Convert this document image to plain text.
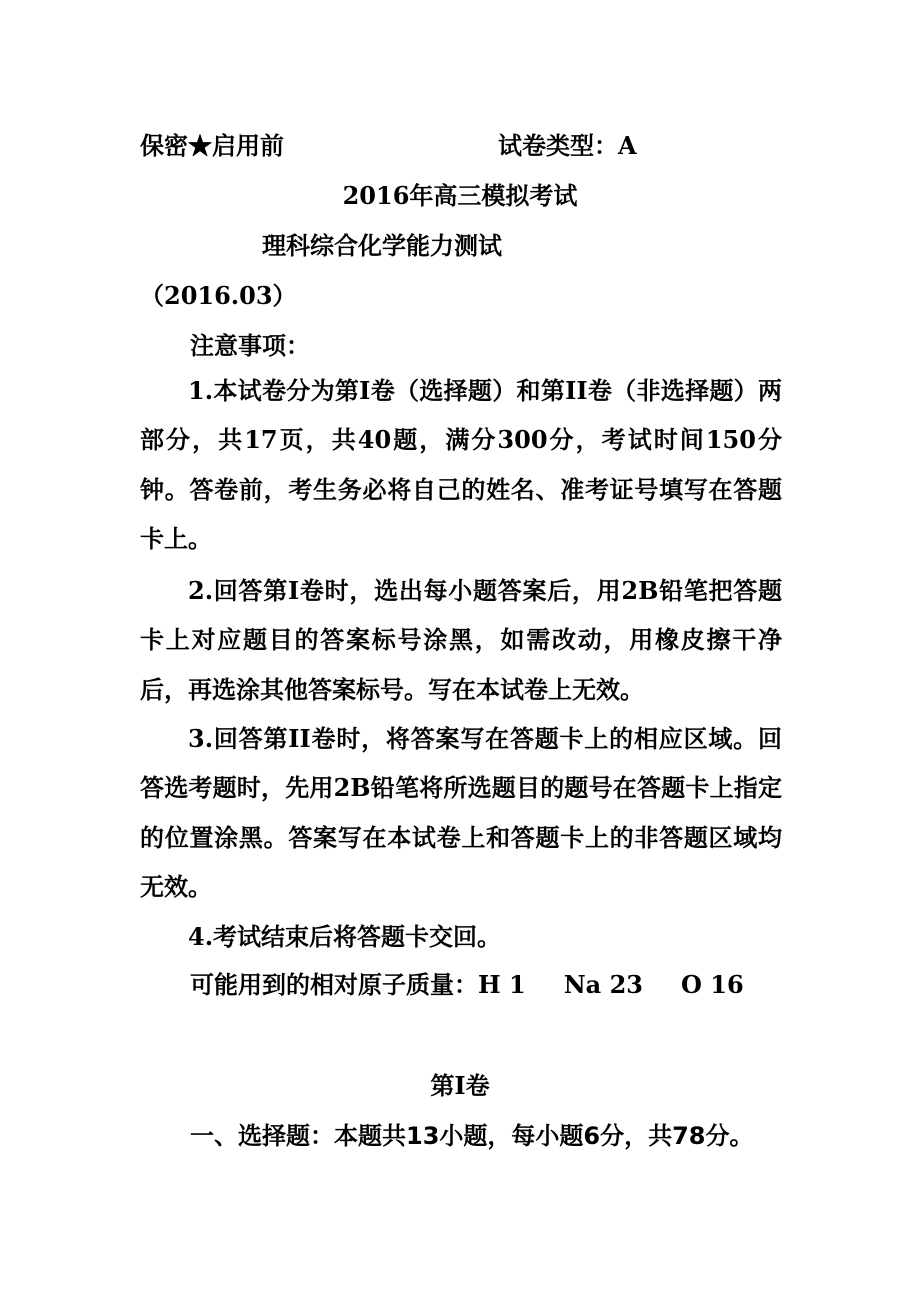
保密★启用前	试卷类型：A
2016年高三模拟考试
理科综合化学能力测试
（2016.03）
注意事项：

1.本试卷分为第I卷（选择题）和第II卷（非选择题）两部分，共17页，共40题，满分300分，考试时间150分钟。答卷前，考生务必将自己的姓名、准考证号填写在答题卡上。

2.回答第I卷时，选出每小题答案后，用2B铅笔把答题卡上对应题目的答案标号涂黑，如需改动，用橡皮擦干净后，再选涂其他答案标号。写在本试卷上无效。

3.回答第II卷时，将答案写在答题卡上的相应区域。回答选考题时，先用2B铅笔将所选题目的题号在答题卡上指定的位置涂黑。答案写在本试卷上和答题卡上的非答题区域均无效。

4.考试结束后将答题卡交回。

可能用到的相对原子质量：H 1 Na 23 O 16
第I卷
一、选择题：本题共13小题，每小题6分，共78分。
